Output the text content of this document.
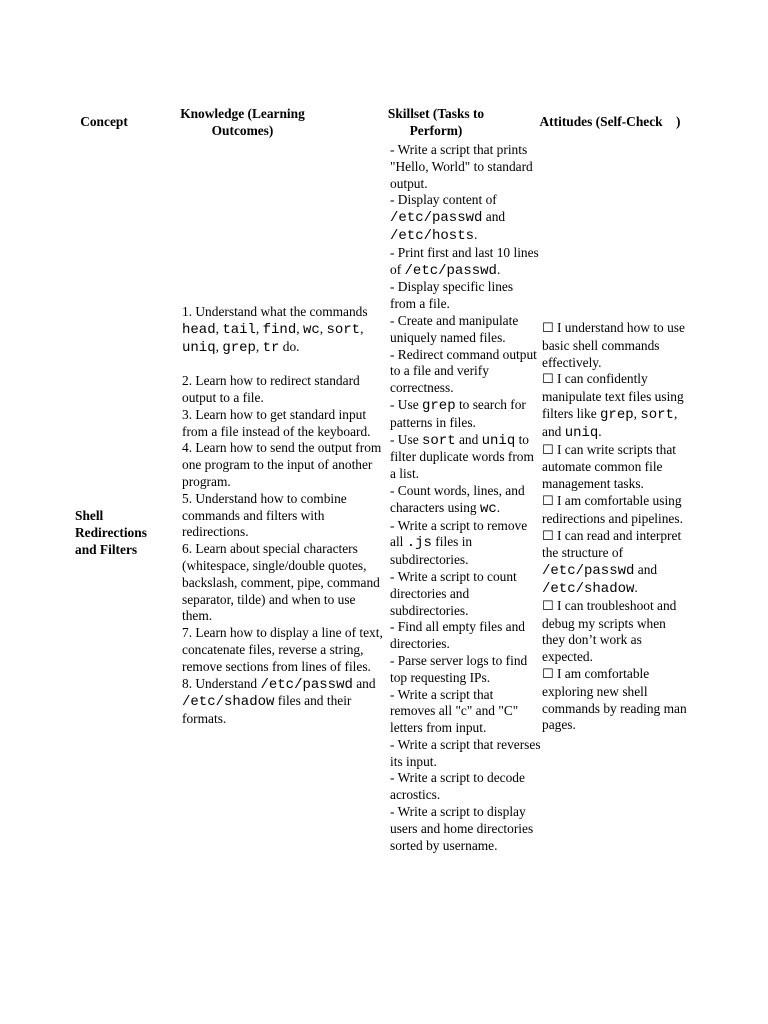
Concept
Knowledge (Learning Outcomes)
Skillset (Tasks to Perform)
Attitudes (Self-Check    )
Shell Redirections and Filters
1. Understand what the commands head, tail, find, wc, sort, uniq, grep, tr do.
2. Learn how to redirect standard output to a file.
3. Learn how to get standard input from a file instead of the keyboard.
4. Learn how to send the output from one program to the input of another program.
5. Understand how to combine commands and filters with redirections.
6. Learn about special characters (whitespace, single/double quotes, backslash, comment, pipe, command separator, tilde) and when to use them.
7. Learn how to display a line of text, concatenate files, reverse a string, remove sections from lines of files.
8. Understand /etc/passwd and /etc/shadow files and their formats.
- Write a script that prints "Hello, World" to standard output.
- Display content of /etc/passwd and /etc/hosts.
- Print first and last 10 lines of /etc/passwd.
- Display specific lines from a file.
- Create and manipulate uniquely named files.
- Redirect command output to a file and verify correctness.
- Use grep to search for patterns in files.
- Use sort and uniq to filter duplicate words from a list.
- Count words, lines, and characters using wc.
- Write a script to remove all .js files in subdirectories.
- Write a script to count directories and subdirectories.
- Find all empty files and directories.
- Parse server logs to find top requesting IPs.
- Write a script that removes all "c" and "C" letters from input.
- Write a script that reverses its input.
- Write a script to decode acrostics.
- Write a script to display users and home directories sorted by username.
☐ I understand how to use basic shell commands effectively.
☐ I can confidently manipulate text files using filters like grep, sort, and uniq.
☐ I can write scripts that automate common file management tasks.
☐ I am comfortable using redirections and pipelines.
☐ I can read and interpret the structure of /etc/passwd and /etc/shadow.
☐ I can troubleshoot and debug my scripts when they don’t work as expected.
☐ I am comfortable exploring new shell commands by reading man pages.
